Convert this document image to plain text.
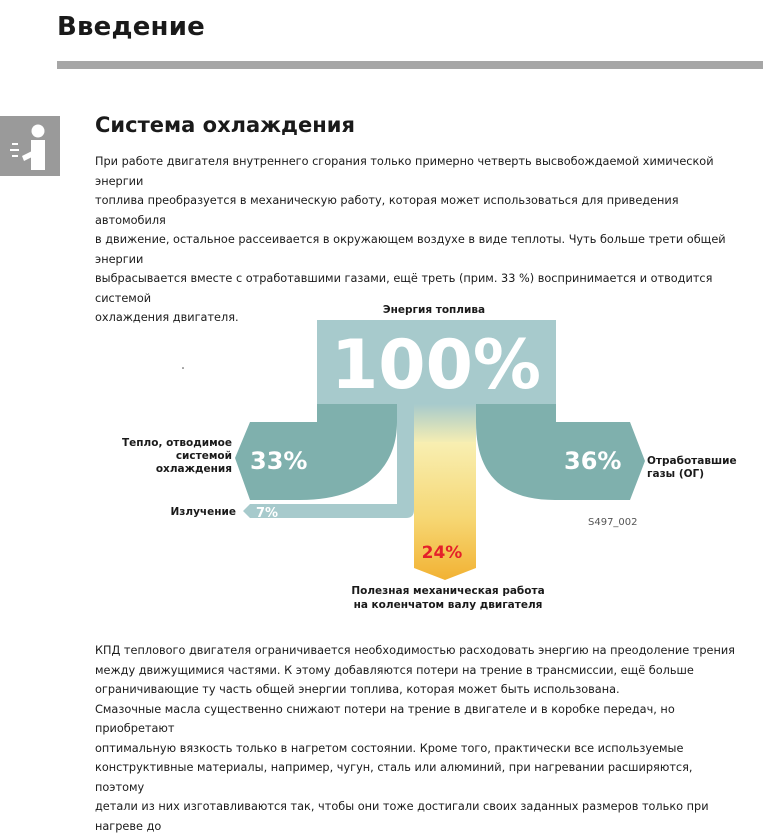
Введение
Система охлаждения

При работе двигателя внутреннего сгорания только примерно четверть высвобождаемой химической энергии
топлива преобразуется в механическую работу, которая может использоваться для приведения автомобиля
в движение, остальное рассеивается в окружающем воздухе в виде теплоты. Чуть больше трети общей энергии
выбрасывается вместе с отработавшими газами, ещё треть (прим. 33 %) воспринимается и отводится системой
охлаждения двигателя.

100%
Энергия топлива
33%
Тепло, отводимое
системой
охлаждения	36% Отработавшие
газы (ОГ)
7%
Излучение
24%
Полезная механическая работа
на коленчатом валу двигателя
S497_002

КПД теплового двигателя ограничивается необходимостью расходовать энергию на преодоление трения
между движущимися частями. К этому добавляются потери на трение в трансмиссии, ещё больше
ограничивающие ту часть общей энергии топлива, которая может быть использована.
Смазочные масла существенно снижают потери на трение в двигателе и в коробке передач, но приобретают
оптимальную вязкость только в нагретом состоянии. Кроме того, практически все используемые
конструктивные материалы, например, чугун, сталь или алюминий, при нагревании расширяются, поэтому
детали из них изготавливаются так, чтобы они тоже достигали своих заданных размеров только при нагреве до
